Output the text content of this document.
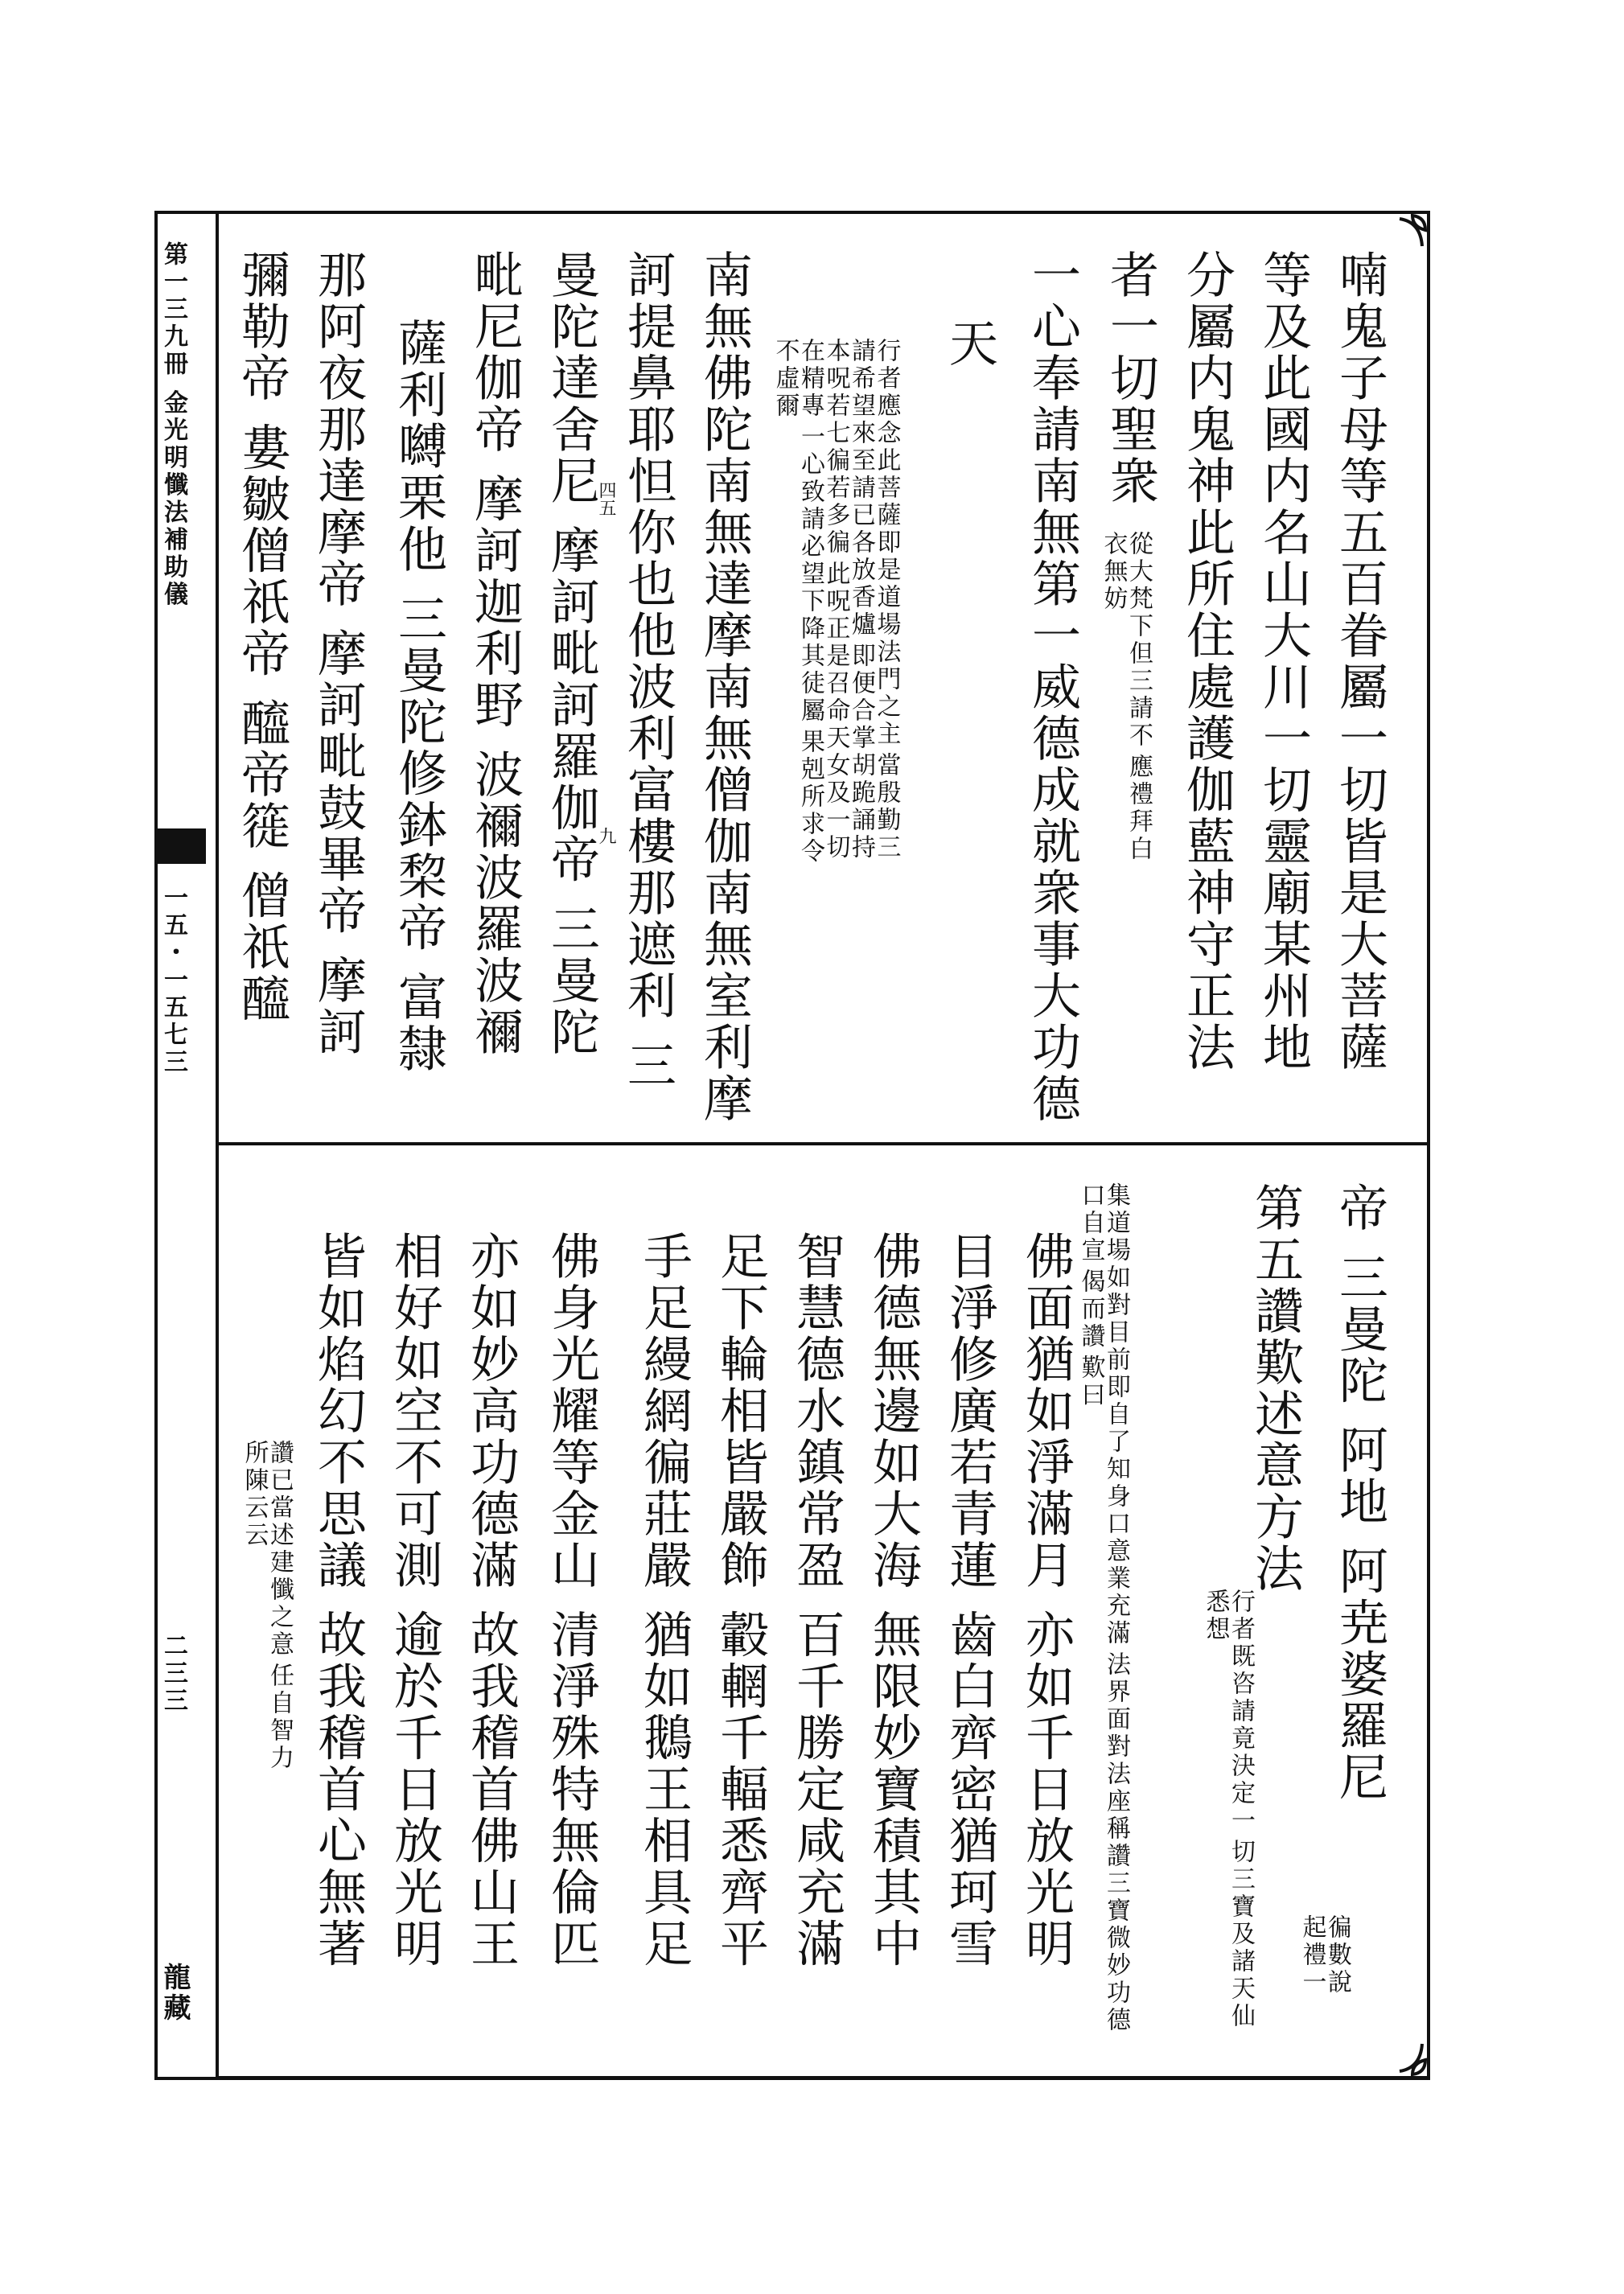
第一三九冊 金光明懺法補助儀
一五・一五七三
二三三
龍藏
喃鬼子母等五百眷屬一切皆是大菩薩
等及此國内名山大川一切靈廟某州地
分屬内鬼神此所住處護伽藍神守正法
者一切聖衆
從大梵下但三請不 應禮拜白衣無妨
一心奉請南無第一威德成就衆事大功德
天
行者應念此菩薩即是道場法門之主 當殷勤三請希望來至請已各放香爐 即便合掌胡跪誦持本呪若七徧若多徧 此呪正是召命天女及一切在精專 一心致請必望下降其徒屬 果剋所求令不虛爾
南無佛陀南無達摩南無僧伽南無室利摩
訶提鼻耶怛你也他波利富樓那遮利 三
曼陀達舍尼 摩訶毗訶羅伽帝 三曼陀
毗尼伽帝 摩訶迦利野 波禰波羅波禰
薩利嚩栗他 三曼陀修鉢棃帝 富隸
那阿夜那達摩帝 摩訶毗鼓畢帝 摩訶
彌勒帝 婁皺僧祇帝 醯帝簁 僧祇醯	四五
九
帝 三曼陀 阿地 阿尭婆羅尼
徧數說 起禮一
第五讚歎述意方法
行者既咨請竟決定一 切三寶及諸天仙悉想
集道場如對目前即自了知身口意業充滿 法界面對法座稱讚三寶微妙功德口自宣 偈而讚 歎曰
佛面猶如淨滿月 亦如千日放光明
目淨修廣若青蓮 齒白齊密猶珂雪
佛德無邊如大海 無限妙寶積其中
智慧德水鎮常盈 百千勝定咸充滿
足下輪相皆嚴飾 轂輞千輻悉齊平
手足縵網徧莊嚴 猶如鵝王相具足
佛身光耀等金山 清淨殊特無倫匹
亦如妙高功德滿 故我稽首佛山王
相好如空不可測 逾於千日放光明
皆如焰幻不思議 故我稽首心無著
讚已當述建懺之意 任自智力所陳云云
